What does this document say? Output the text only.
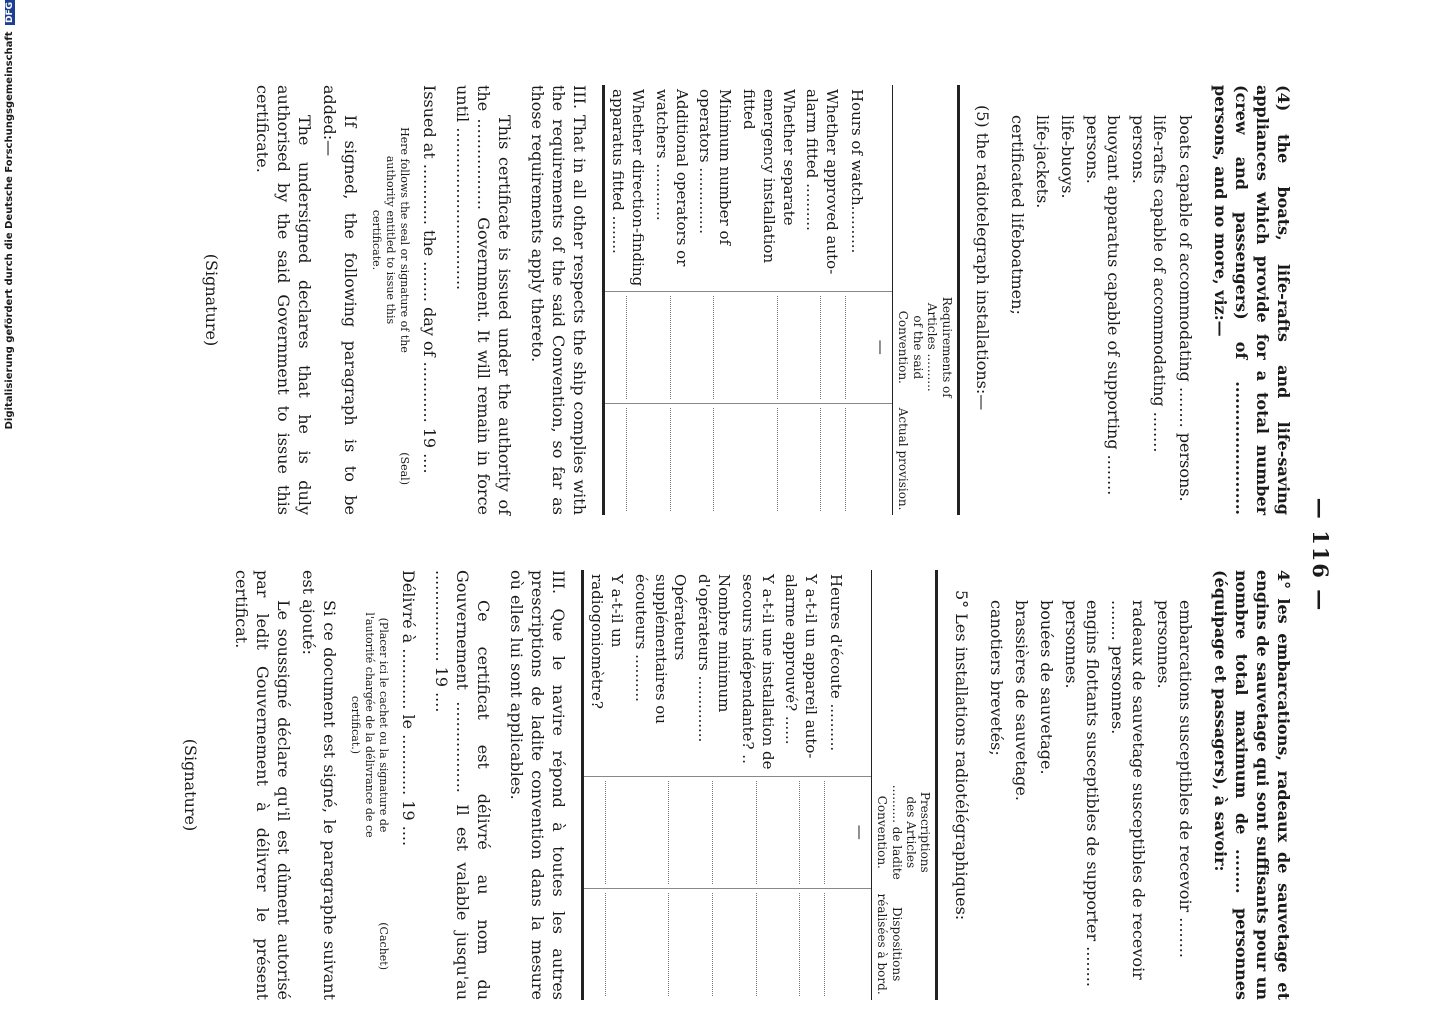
— 116 —

(4) the boats, life-rafts and life-saving appliances which provide for a total number (crew and passengers) of ........................ persons, and no more, viz:—

boats capable of accommodating ........ persons.

life-rafts capable of accommodating ........ persons.

buoyant apparatus capable of supporting ........ persons.

life-buoys.

life-jackets.

certificated lifeboatmen;

(5) the radiotelegraph installations:—

	Requirements of Articles .......... of the said Convention.	Actual provision.
	—	
Hours of watch..........	

Whether approved auto-alarm fitted ..........	

Whether separate emergency installation fitted	

Minimum number of operators ..............	

Additional operators or watchers ............	

Whether direction-finding apparatus fitted ........	

III. That in all other respects the ship complies with the requirements of the said Convention, so far as those requirements apply thereto.

This certificate is issued under the authority of the .................. Government. It will remain in force until ................................

Issued at ............ the ........ day of ............ 19 ....

Here follows the seal or signature of the authority entitled to issue this certificate.
(Seal)

If signed, the following paragraph is to be added:—

The undersigned declares that he is duly authorised by the said Government to issue this certificate.

(Signature)

4° les embarcations, radeaux de sauvetage et engins de sauvetage qui sont suffisants pour un nombre total maximum de ........ personnes (équipage et passagers), à savoir:

embarcations susceptibles de recevoir ........ personnes.

radeaux de sauvetage susceptibles de recevoir ........ personnes.

engins flottants susceptibles de supporter ........ personnes.

bouées de sauvetage.

brassières de sauvetage.

canotiers brevetés;

5° Les installations radiotélégraphiques:

	Prescriptions des Articles .......... de ladite Convention.	Dispositions réalisées à bord.
	—	
Heures d'écoute ..........	

Y a-t-il un appareil auto-alarme approuvé? ......	

Y a-t-il une installation de secours indépendante? ..	

Nombre minimum d'opérateurs ..............	

Opérateurs supplémentaires ou écouteurs ..........	

Y a-t-il un radiogoniomètre?	

III. Que le navire répond à toutes les autres prescriptions de ladite convention dans la mesure où elles lui sont applicables.

Ce certificat est délivré au nom du Gouvernement .................. Il est valable jusqu'au .................. 19 ....

Délivré à ............ le ............ 19 ....

(Placer ici le cachet ou la signature de l'autorité chargée de la délivrance de ce certificat.)
(Cachet)

Si ce document est signé, le paragraphe suivant est ajouté:

Le soussigné déclare qu'il est dûment autorisé par ledit Gouvernement à délivrer le présent certificat.

(Signature)

Digitalisierung gefördert durch die Deutsche Forschungsgemeinschaft DFG
